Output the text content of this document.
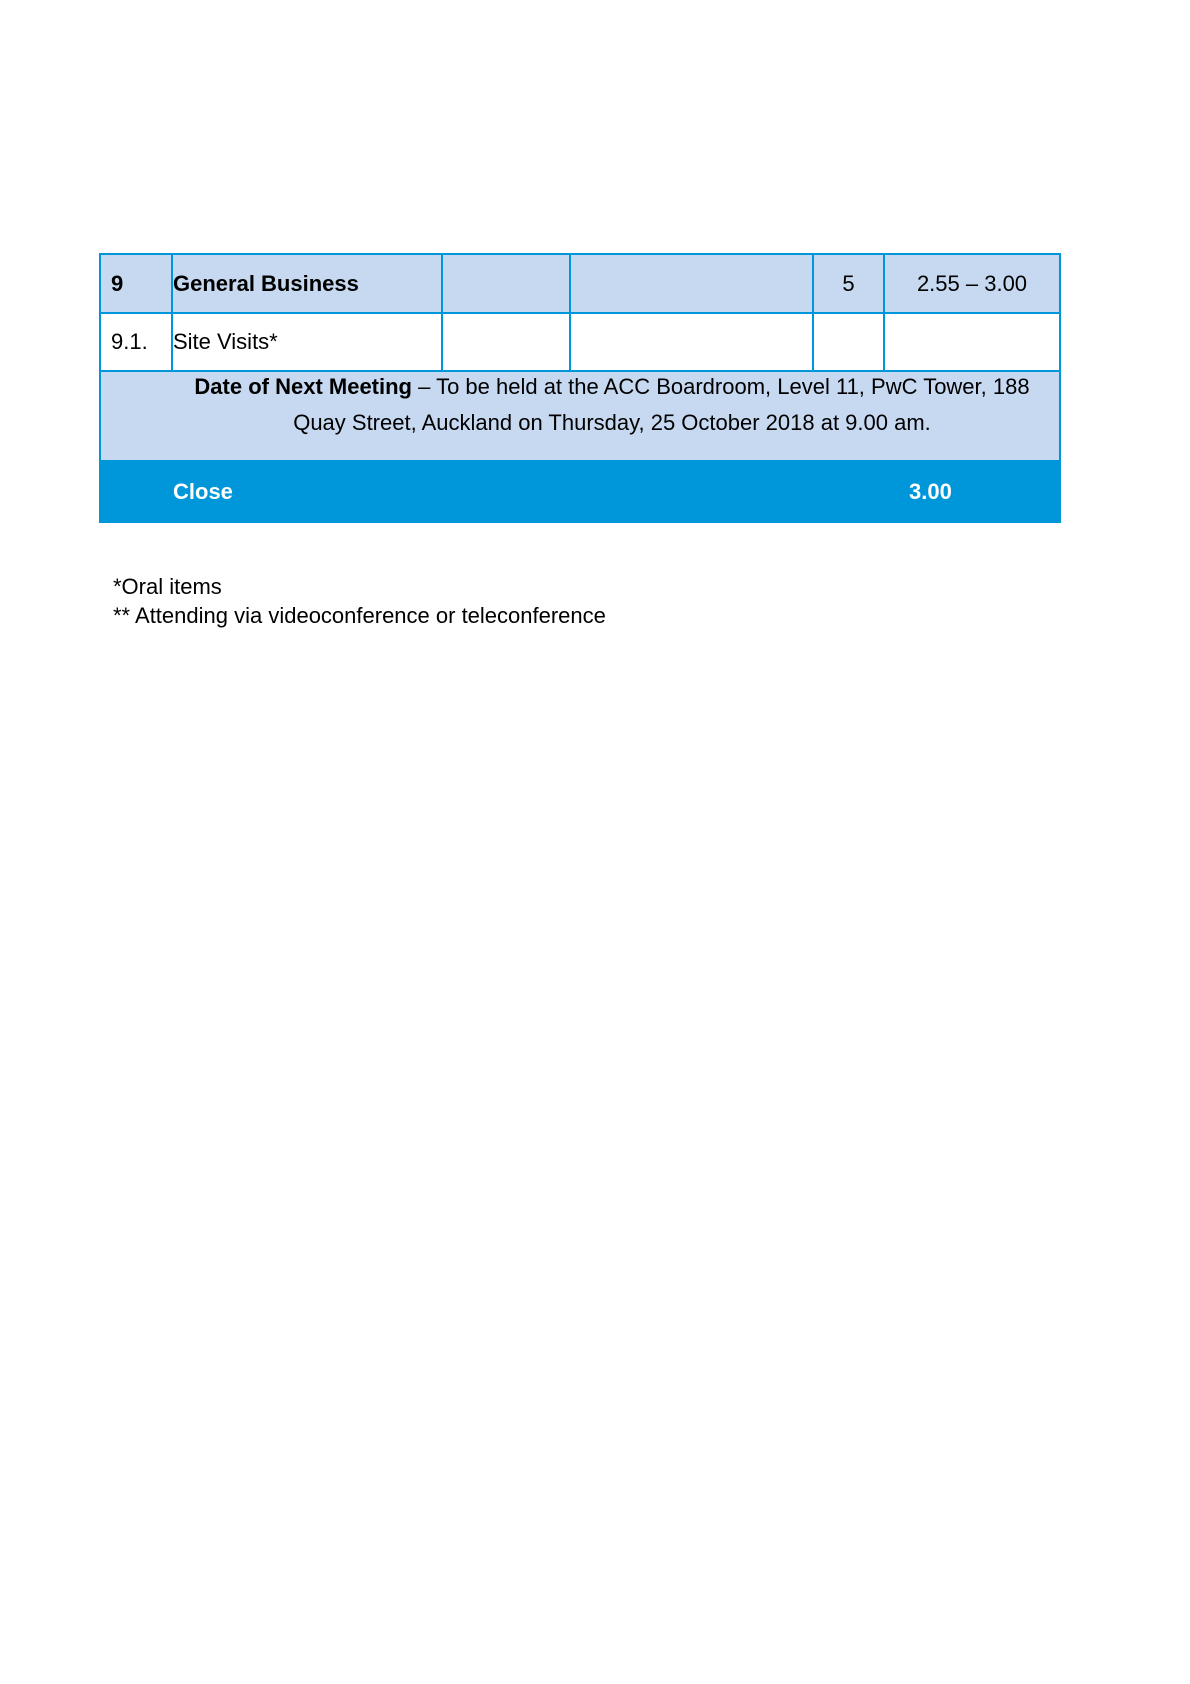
9	General Business			5	2.55 – 3.00
9.1.	Site Visits*				

Date of Next Meeting – To be held at the ACC Boardroom, Level 11, PwC Tower, 188 Quay Street, Auckland on Thursday, 25 October 2018 at 9.00 am.					

	Close				3.00
*Oral items
** Attending via videoconference or teleconference
